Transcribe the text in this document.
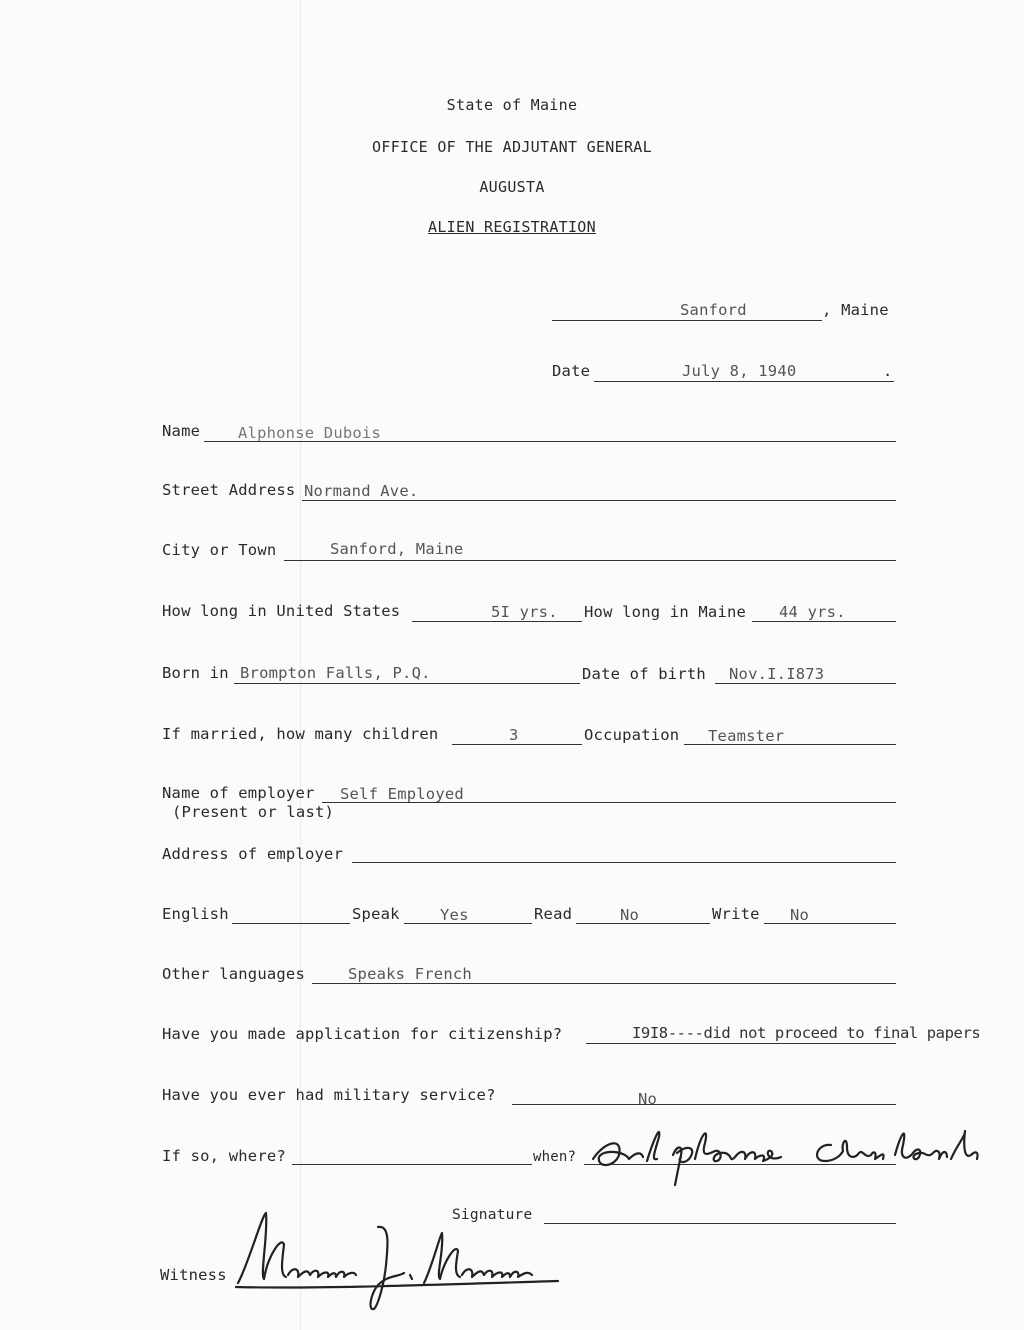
State of Maine
OFFICE OF THE ADJUTANT GENERAL
AUGUSTA
ALIEN REGISTRATION
Sanford	, Maine
Date	July 8, 1940	.
Name Alphonse Dubois
Street Address Normand Ave.
City or Town	Sanford, Maine
How long in United States	5I yrs. How long in Maine 44 yrs.
Born in Brompton Falls, P.Q.	Date of birth Nov.I.I873
If married, how many children	3	Occupation Teamster
Name of employer Self Employed
(Present or last)
Address of employer
English	Speak	Yes	Read	No	Write No
Other languages	Speaks French
Have you made application for citizenship?	I9I8----did not proceed to final papers
Have you ever had military service?	No
If so, where?	when?
Signature
Witness
